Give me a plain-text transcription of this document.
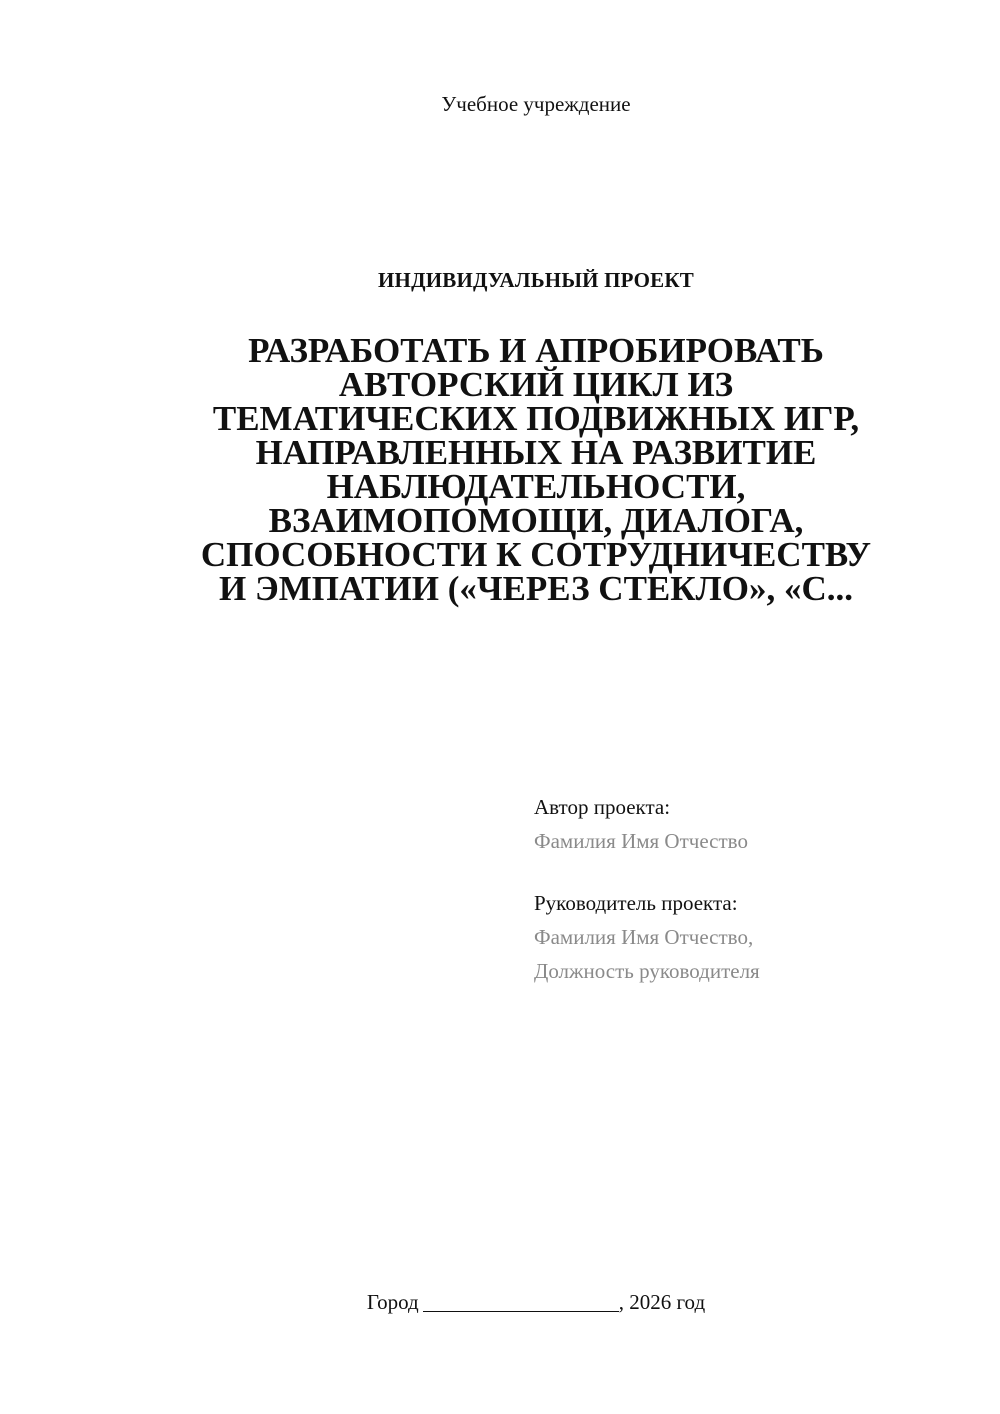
Учебное учреждение
ИНДИВИДУАЛЬНЫЙ ПРОЕКТ
РАЗРАБОТАТЬ И АПРОБИРОВАТЬ
АВТОРСКИЙ ЦИКЛ ИЗ
ТЕМАТИЧЕСКИХ ПОДВИЖНЫХ ИГР,
НАПРАВЛЕННЫХ НА РАЗВИТИЕ
НАБЛЮДАТЕЛЬНОСТИ,
ВЗАИМОПОМОЩИ, ДИАЛОГА,
СПОСОБНОСТИ К СОТРУДНИЧЕСТВУ
И ЭМПАТИИ («ЧЕРЕЗ СТЕКЛО», «С...
Автор проекта:
Фамилия Имя Отчество
Руководитель проекта:
Фамилия Имя Отчество,
Должность руководителя
Город	, 2026 год
